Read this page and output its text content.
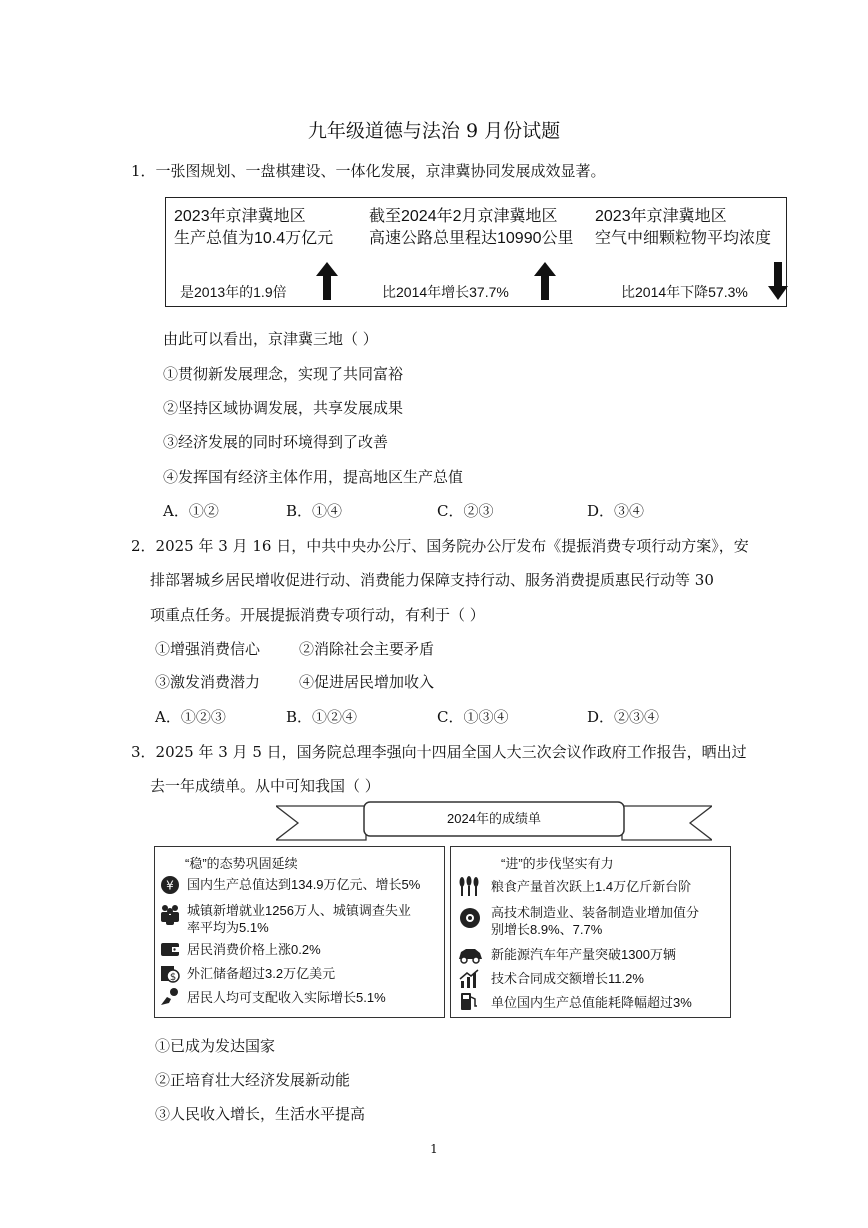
九年级道德与法治 9 月份试题
1．一张图规划、一盘棋建设、一体化发展，京津冀协同发展成效显著。
2023年京津冀地区
生产总值为10.4万亿元
截至2024年2月京津冀地区
高速公路总里程达10990公里
2023年京津冀地区
空气中细颗粒物平均浓度
是2013年的1.9倍	比2014年增长37.7%	比2014年下降57.3%
由此可以看出，京津冀三地（ ）
①贯彻新发展理念，实现了共同富裕
②坚持区域协调发展，共享发展成果
③经济发展的同时环境得到了改善
④发挥国有经济主体作用，提高地区生产总值
A．①②	B．①④	C．②③	D．③④
2．2025 年 3 月 16 日，中共中央办公厅、国务院办公厅发布《提振消费专项行动方案》，安
排部署城乡居民增收促进行动、消费能力保障支持行动、服务消费提质惠民行动等 30
项重点任务。开展提振消费专项行动，有利于（ ）
①增强消费信心	②消除社会主要矛盾
③激发消费潜力	④促进居民增加收入
A．①②③	B．①②④	C．①③④	D．②③④
3．2025 年 3 月 5 日，国务院总理李强向十四届全国人大三次会议作政府工作报告，晒出过
去一年成绩单。从中可知我国（ ）
2024年的成绩单
“稳”的态势巩固延续
¥ 国内生产总值达到134.9万亿元、增长5%
城镇新增就业1256万人、城镇调查失业
率平均为5.1%
居民消费价格上涨0.2%
$ 外汇储备超过3.2万亿美元
居民人均可支配收入实际增长5.1%
“进”的步伐坚实有力
粮食产量首次跃上1.4万亿斤新台阶
高技术制造业、装备制造业增加值分
别增长8.9%、7.7%
新能源汽车年产量突破1300万辆
技术合同成交额增长11.2%
单位国内生产总值能耗降幅超过3%
①已成为发达国家
②正培育壮大经济发展新动能
③人民收入增长，生活水平提高
1
